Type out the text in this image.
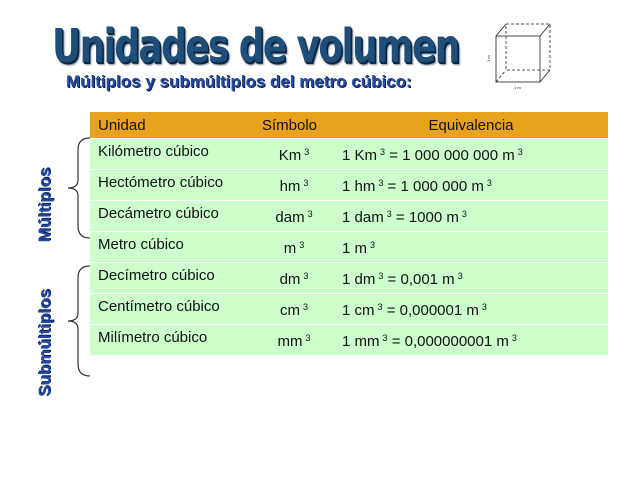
Unidades de volumen	1 m
1 m
Múltiplos y submúltiplos del metro cúbico:
Múltiplos
Submúltiplos
Unidad	Símbolo	Equivalencia
Kilómetro cúbico	Km $^3$	1 Km $^3$ = 1 000 000 000 m $^3$
Hectómetro cúbico	hm $^3$	1 hm $^3$ = 1 000 000 m $^3$
Decámetro cúbico	dam $^3$	1 dam $^3$ = 1000 m $^3$
Metro cúbico	m $^3$	1 m $^3$
Decímetro cúbico	dm $^3$	1 dm $^3$ = 0,001 m $^3$
Centímetro cúbico	cm $^3$	1 cm $^3$ = 0,000001 m $^3$
Milímetro cúbico	mm $^3$	1 mm $^3$ = 0,000000001 m $^3$
